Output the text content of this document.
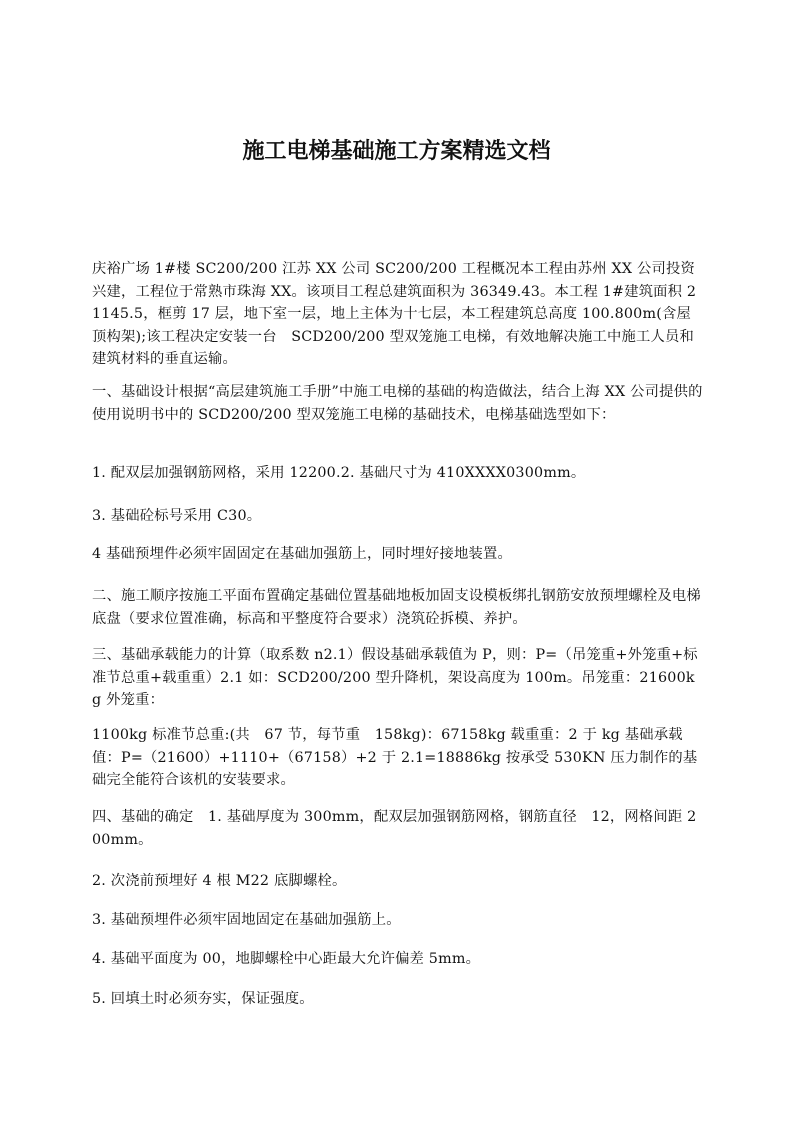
施工电梯基础施工方案精选文档

庆裕广场 1#楼 SC200/200 江苏 XX 公司 SC200/200 工程概况本工程由苏州 XX 公司投资兴建，工程位于常熟市珠海 XX。该项目工程总建筑面积为 36349.43。本工程 1#建筑面积 21145.5，框剪 17 层，地下室一层，地上主体为十七层，本工程建筑总高度 100.800m(含屋顶构架);该工程决定安装一台　SCD200/200 型双笼施工电梯，有效地解决施工中施工人员和建筑材料的垂直运输。

一、基础设计根据“高层建筑施工手册”中施工电梯的基础的构造做法，结合上海 XX 公司提供的使用说明书中的 SCD200/200 型双笼施工电梯的基础技术，电梯基础选型如下：

1. 配双层加强钢筋网格，采用 12200.2. 基础尺寸为 410XXXX0300mm。

3. 基础砼标号采用 C30。

4 基础预埋件必须牢固固定在基础加强筋上，同时埋好接地装置。

二、施工顺序按施工平面布置确定基础位置基础地板加固支设模板绑扎钢筋安放预埋螺栓及电梯底盘（要求位置准确，标高和平整度符合要求）浇筑砼拆模、养护。

三、基础承载能力的计算（取系数 n2.1）假设基础承载值为 P，则：P=（吊笼重+外笼重+标准节总重+载重重）2.1 如：SCD200/200 型升降机，架设高度为 100m。吊笼重：21600kg 外笼重：

1100kg 标准节总重:(共　67 节，每节重　158kg)：67158kg 载重重：2 于 kg 基础承载值：P=（21600）+1110+（67158）+2 于 2.1=18886kg 按承受 530KN 压力制作的基础完全能符合该机的安装要求。

四、基础的确定　1. 基础厚度为 300mm，配双层加强钢筋网格，钢筋直径　12，网格间距 200mm。

2. 次浇前预埋好 4 根 M22 底脚螺栓。

3. 基础预埋件必须牢固地固定在基础加强筋上。

4. 基础平面度为 00，地脚螺栓中心距最大允许偏差 5mm。

5. 回填土时必须夯实，保证强度。
